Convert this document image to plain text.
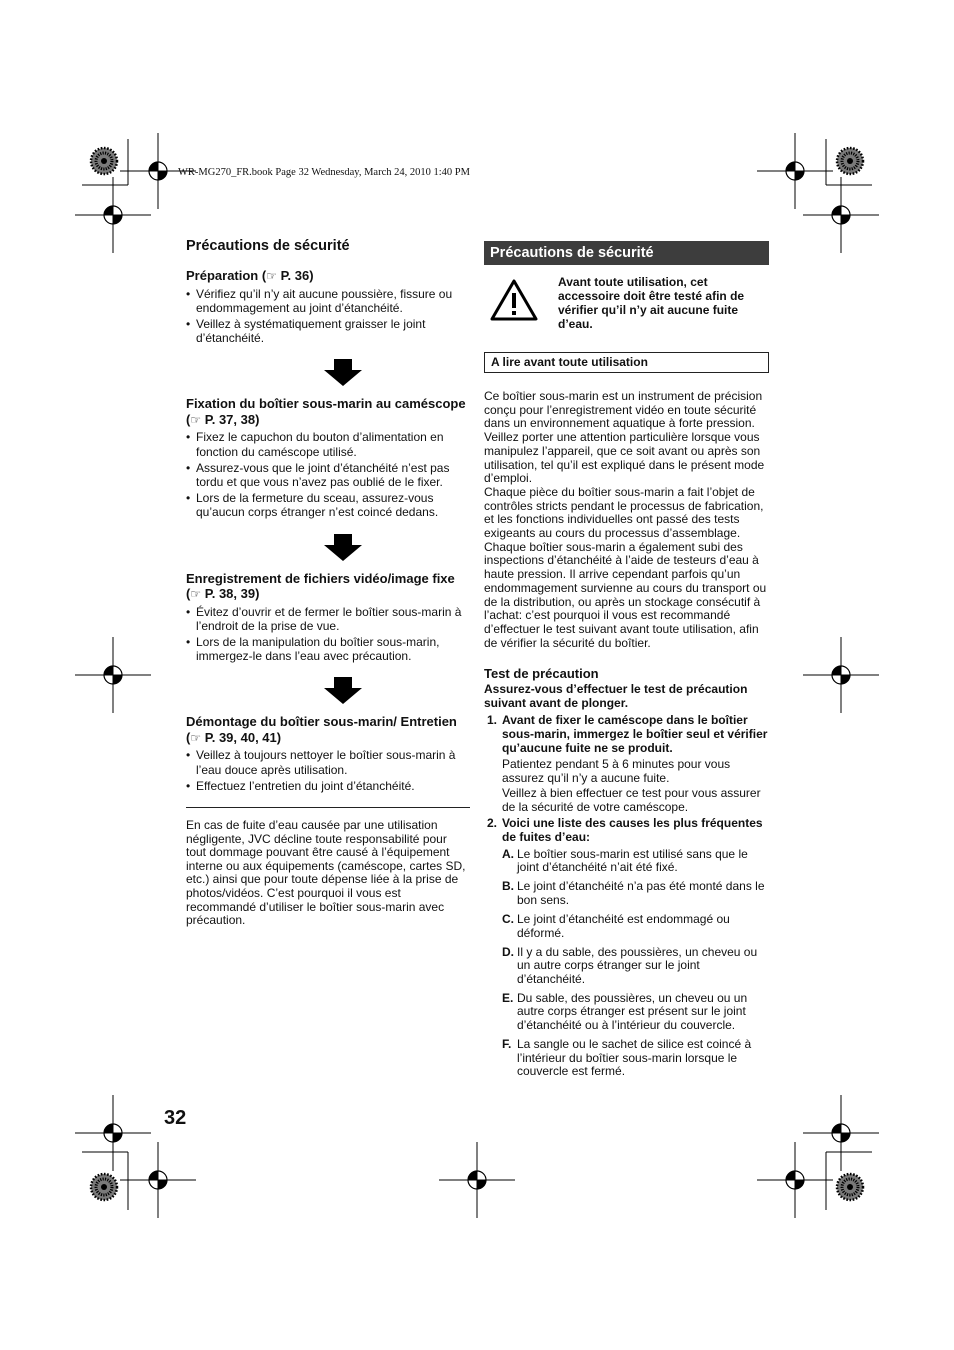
WR-MG270_FR.book Page 32 Wednesday, March 24, 2010 1:40 PM
Précautions de sécurité

Préparation (☞ P. 36)

• Vérifiez qu’il n’y ait aucune poussière, fissure ou endommagement au joint d’étanchéité.
• Veillez à systématiquement graisser le joint d’étanchéité.

Fixation du boîtier sous-marin au caméscope (☞ P. 37, 38)

• Fixez le capuchon du bouton d’alimentation en fonction du caméscope utilisé.
• Assurez-vous que le joint d’étanchéité n’est pas tordu et que vous n’avez pas oublié de le fixer.
• Lors de la fermeture du sceau, assurez-vous qu’aucun corps étranger n’est coincé dedans.

Enregistrement de fichiers vidéo/image fixe (☞ P. 38, 39)

• Évitez d’ouvrir et de fermer le boîtier sous-marin à l’endroit de la prise de vue.
• Lors de la manipulation du boîtier sous-marin, immergez-le dans l’eau avec précaution.

Démontage du boîtier sous-marin/ Entretien (☞ P. 39, 40, 41)

• Veillez à toujours nettoyer le boîtier sous-marin à l’eau douce après utilisation.
• Effectuez l’entretien du joint d’étanchéité.

En cas de fuite d’eau causée par une utilisation négligente, JVC décline toute responsabilité pour tout dommage pouvant être causé à l’équipement interne ou aux équipements (caméscope, cartes SD, etc.) ainsi que pour toute dépense liée à la prise de photos/vidéos. C’est pourquoi il vous est recommandé d’utiliser le boîtier sous-marin avec précaution.

Précautions de sécurité

Avant toute utilisation, cet accessoire doit être testé afin de vérifier qu’il n’y ait aucune fuite d’eau.

A lire avant toute utilisation

Ce boîtier sous-marin est un instrument de précision conçu pour l’enregistrement vidéo en toute sécurité dans un environnement aquatique à forte pression. Veillez porter une attention particulière lorsque vous manipulez l’appareil, que ce soit avant ou après son utilisation, tel qu’il est expliqué dans le présent mode d’emploi.

Chaque pièce du boîtier sous-marin a fait l’objet de contrôles stricts pendant le processus de fabrication, et les fonctions individuelles ont passé des tests exigeants au cours du processus d’assemblage. Chaque boîtier sous-marin a également subi des inspections d’étanchéité à l’aide de testeurs d’eau à haute pression. Il arrive cependant parfois qu’un endommagement survienne au cours du transport ou de la distribution, ou après un stockage consécutif à l’achat: c’est pourquoi il vous est recommandé d’effectuer le test suivant avant toute utilisation, afin de vérifier la sécurité du boîtier.

Test de précaution

Assurez-vous d’effectuer le test de précaution suivant avant de plonger.

1. Avant de fixer le caméscope dans le boîtier sous-marin, immergez le boîtier seul et vérifier qu’aucune fuite ne se produit.
Patientez pendant 5 à 6 minutes pour vous assurez qu’il n’y a aucune fuite.
Veillez à bien effectuer ce test pour vous assurer de la sécurité de votre caméscope.
2. Voici une liste des causes les plus fréquentes de fuites d’eau:
A. Le boîtier sous-marin est utilisé sans que le joint d’étanchéité n’ait été fixé.
B. Le joint d’étanchéité n’a pas été monté dans le bon sens.
C. Le joint d’étanchéité est endommagé ou déformé.
D. Il y a du sable, des poussières, un cheveu ou un autre corps étranger sur le joint d’étanchéité.
E. Du sable, des poussières, un cheveu ou un autre corps étranger est présent sur le joint d’étanchéité ou à l’intérieur du couvercle.
F. La sangle ou le sachet de silice est coincé à l’intérieur du boîtier sous-marin lorsque le couvercle est fermé.
32
